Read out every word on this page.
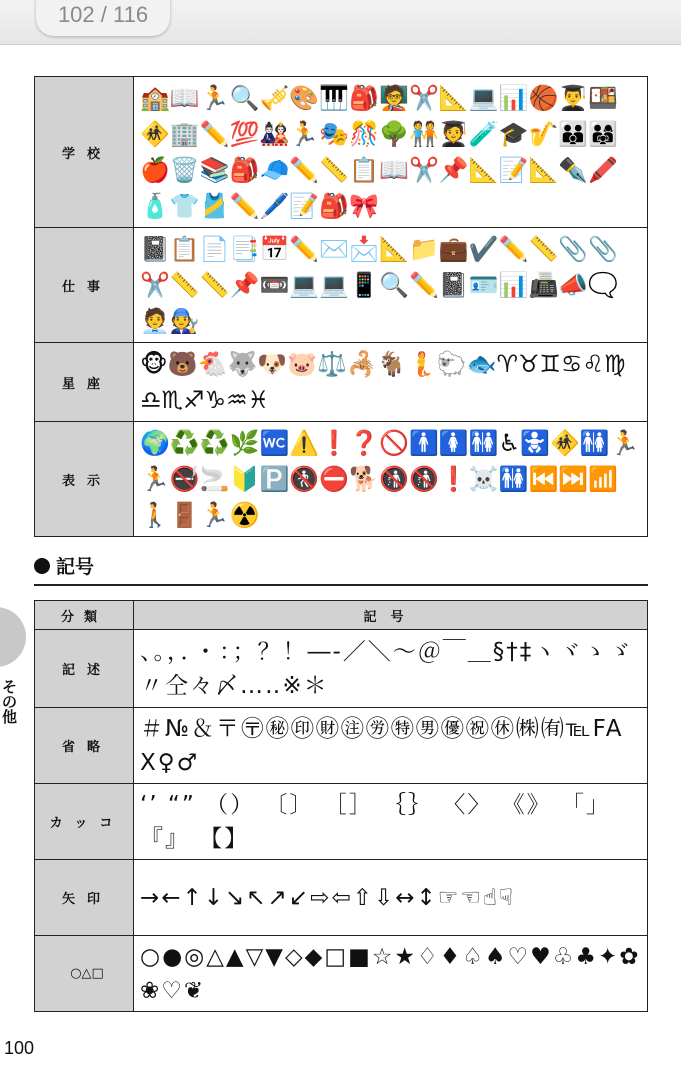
102 / 116
学校	🏫📖🏃🔍🎺🎨🎹🎒🧑‍🏫✂️📐💻📊🏀👨‍🎓🍱🚸🏢✏️💯🎎🏃🎭🎊🌳🧑‍🤝‍🧑🧑‍🎓🧪🎓🎷👪👨‍👩‍👧🍎🗑️📚🎒🧢✏️📏📋📖✂️📌📐📝📐✒️🖍️🧴👕🎽✏️🖊️📝🎒🎀
仕事	📓📋📄📑📅✏️✉️📩📐📁💼✔️✏️📏📎📎✂️📏📏📌📼💻💻📱🔍✏️📓🪪📊📠📣🗨️🧑‍💼🧑‍🔧
星座	🐵🐻🐔🐺🐶🐷⚖️🦂🐐🧜🐑🐟♈♉♊♋♌♍♎♏♐♑♒♓
表示	🌍♻️♻️🌿🚾⚠️❗❓🚫🚹🚺🚻♿🚼🚸🚻🏃🏃🚭🚬🔰🅿️🚷⛔🐕🚯🚯❗☠️🚻⏮️⏭️📶🚶🚪🏃☢️
記号
その他
分類	記号
記述	、。，．・：；？！―‐／＼～＠￣＿§†‡ヽヾゝゞ〃仝々〆…‥※＊
省略	＃№＆〒〶㊙㊞㊖㊟㊘㊕㊚㊝㊗㊡㈱㈲℡FAX♀♂
カッコ	‘’ “” （） 〔〕 ［］ ｛｝ 〈〉 《》 「」 『』 【】
矢印	→←↑↓↘↖↗↙⇨⇦⇧⇩↔↕☞☜☝☟
○△□	○●◎△▲▽▼◇◆□■☆★♢♦♤♠♡♥♧♣✦✿❀♡❦
100
